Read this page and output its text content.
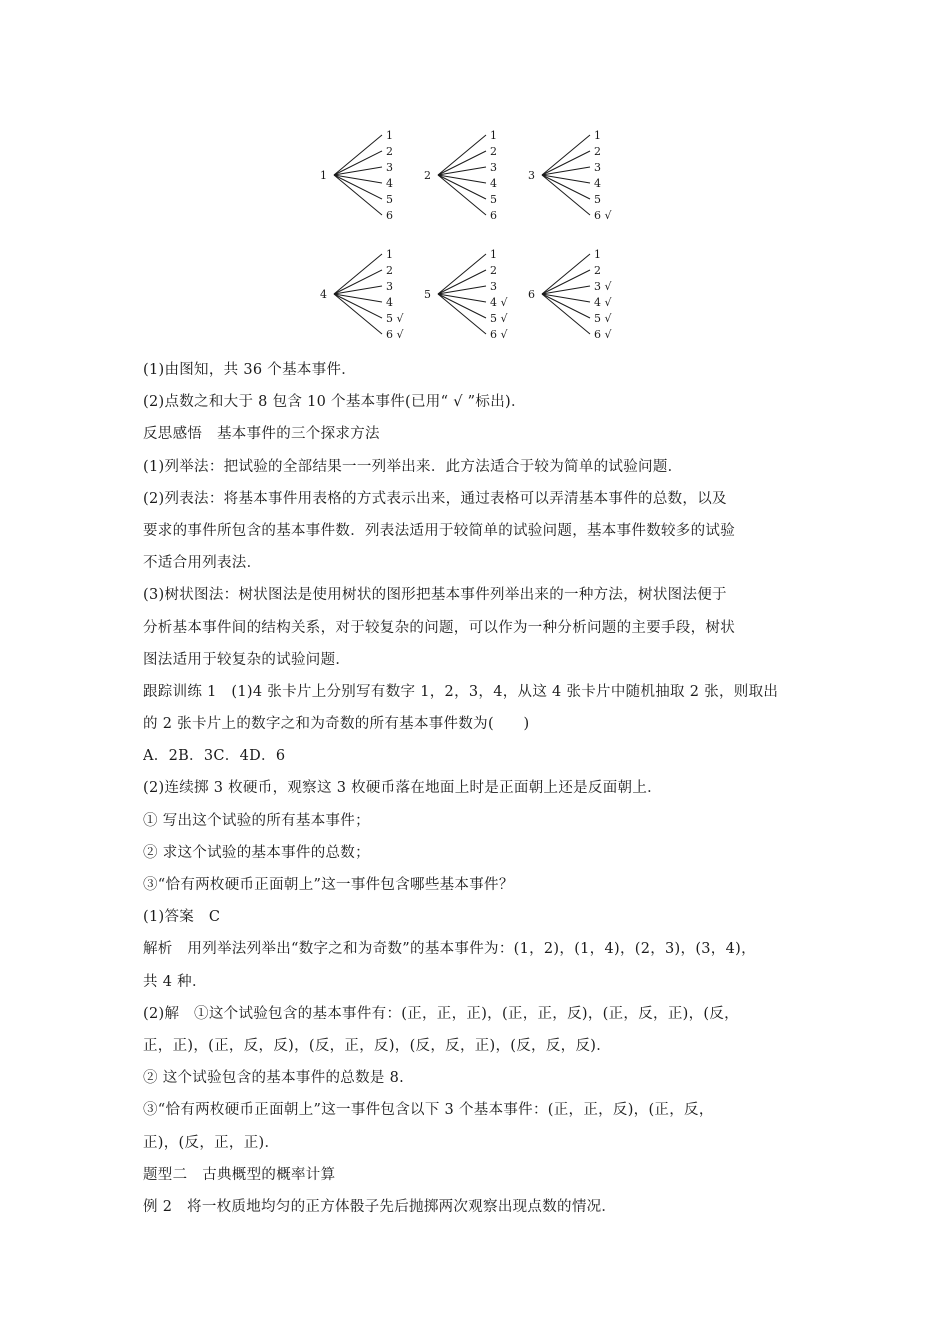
1
1
2
3
4
5
6
2
1
2
3
4
5
6
3
1
2
3
4
5
6 √
4
1
2
3
4
5 √
6 √
5
1
2
3
4 √
5 √
6 √
6
1
2
3 √
4 √
5 √
6 √
(1)由图知，共 36 个基本事件．
(2)点数之和大于 8 包含 10 个基本事件(已用“ √ ”标出)．
反思感悟　基本事件的三个探求方法
(1)列举法：把试验的全部结果一一列举出来．此方法适合于较为简单的试验问题．
(2)列表法：将基本事件用表格的方式表示出来，通过表格可以弄清基本事件的总数，以及
要求的事件所包含的基本事件数．列表法适用于较简单的试验问题，基本事件数较多的试验
不适合用列表法．
(3)树状图法：树状图法是使用树状的图形把基本事件列举出来的一种方法，树状图法便于
分析基本事件间的结构关系，对于较复杂的问题，可以作为一种分析问题的主要手段，树状
图法适用于较复杂的试验问题．
跟踪训练 1　(1)4 张卡片上分别写有数字 1，2，3，4，从这 4 张卡片中随机抽取 2 张，则取出
的 2 张卡片上的数字之和为奇数的所有基本事件数为(　　)
A．2B．3C．4D．6
(2)连续掷 3 枚硬币，观察这 3 枚硬币落在地面上时是正面朝上还是反面朝上．
① 写出这个试验的所有基本事件；
② 求这个试验的基本事件的总数；
③“恰有两枚硬币正面朝上”这一事件包含哪些基本事件？
(1)答案　C
解析　用列举法列举出“数字之和为奇数”的基本事件为：(1，2)，(1，4)，(2，3)，(3，4)，
共 4 种．
(2)解　①这个试验包含的基本事件有：(正，正，正)，(正，正，反)，(正，反，正)，(反，
正，正)，(正，反，反)，(反，正，反)，(反，反，正)，(反，反，反)．
② 这个试验包含的基本事件的总数是 8.
③“恰有两枚硬币正面朝上”这一事件包含以下 3 个基本事件：(正，正，反)，(正，反，
正)，(反，正，正)．
题型二　古典概型的概率计算
例 2　将一枚质地均匀的正方体骰子先后抛掷两次观察出现点数的情况．
